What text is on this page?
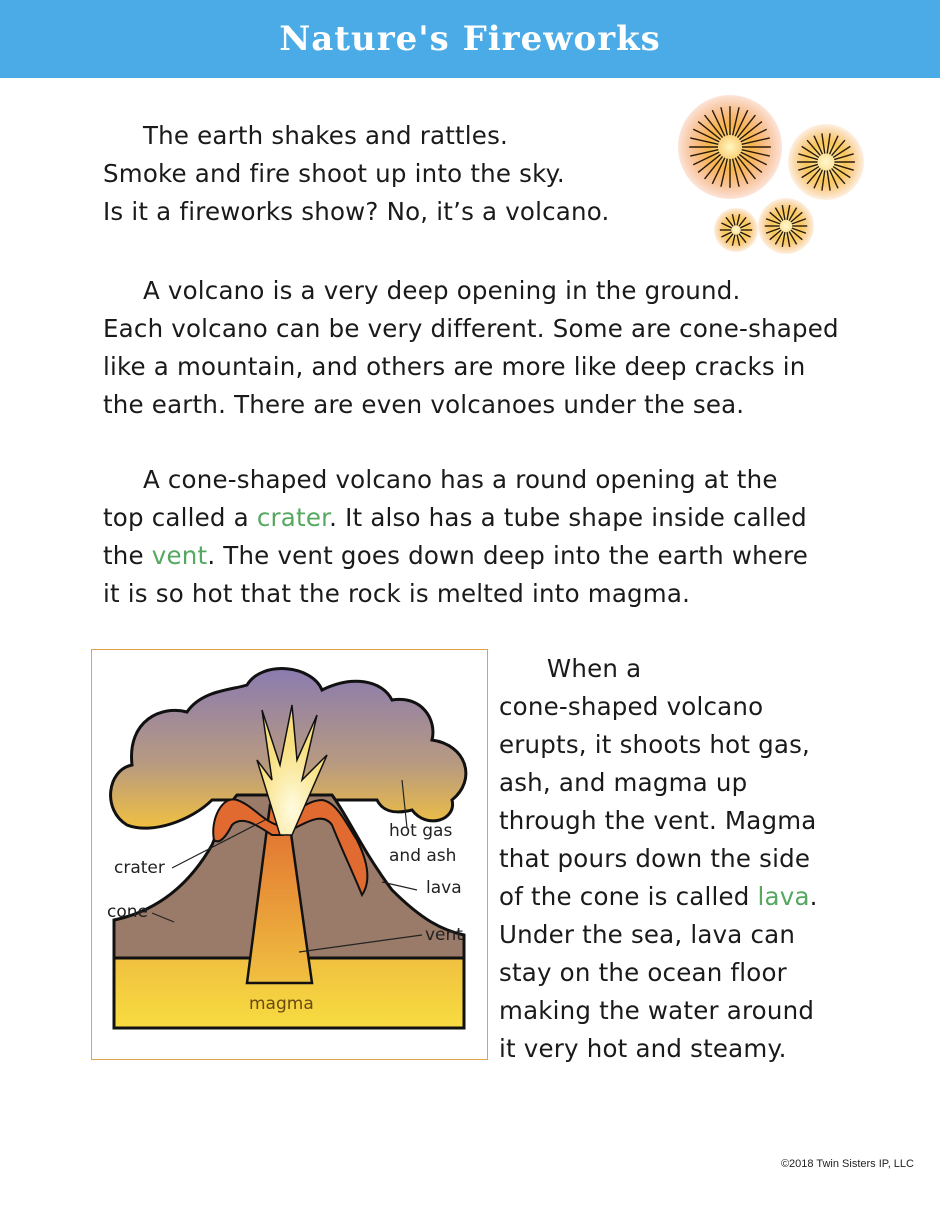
Nature's Fireworks
The earth shakes and rattles.
Smoke and fire shoot up into the sky.
Is it a fireworks show? No, it’s a volcano.
A volcano is a very deep opening in the ground.
Each volcano can be very different. Some are cone-shaped
like a mountain, and others are more like deep cracks in
the earth. There are even volcanoes under the sea.
A cone-shaped volcano has a round opening at the
top called a crater. It also has a tube shape inside called
the vent. The vent goes down deep into the earth where
it is so hot that the rock is melted into magma.
When a
cone-shaped volcano
erupts, it shoots hot gas,
ash, and magma up
through the vent. Magma
that pours down the side
of the cone is called lava.
Under the sea, lava can
stay on the ocean floor
making the water around
it very hot and steamy.
hot gas
and ash
crater
lava
cone
vent
magma
©2018 Twin Sisters IP, LLC
